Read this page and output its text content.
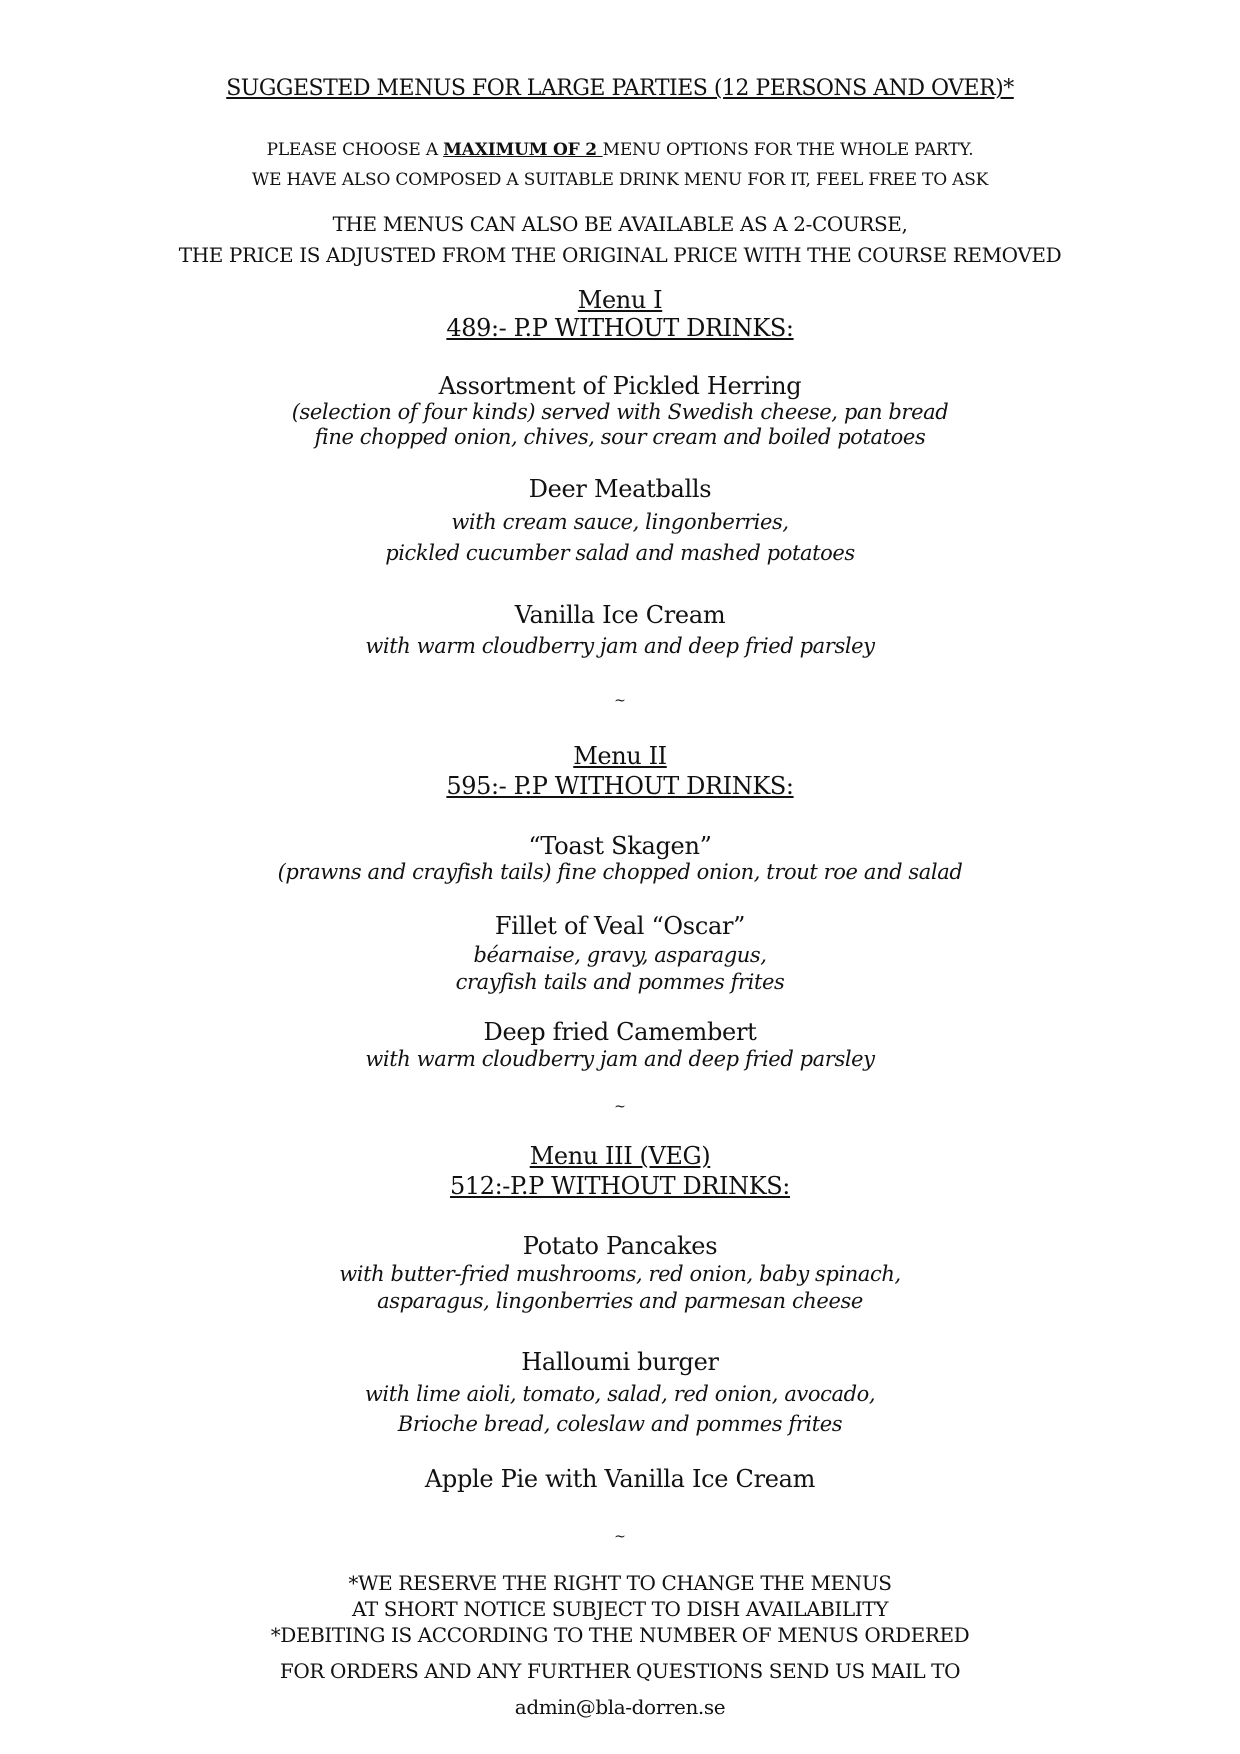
SUGGESTED MENUS FOR LARGE PARTIES (12 PERSONS AND OVER)*
PLEASE CHOOSE A MAXIMUM OF 2 MENU OPTIONS FOR THE WHOLE PARTY.
WE HAVE ALSO COMPOSED A SUITABLE DRINK MENU FOR IT, FEEL FREE TO ASK
THE MENUS CAN ALSO BE AVAILABLE AS A 2-COURSE,
THE PRICE IS ADJUSTED FROM THE ORIGINAL PRICE WITH THE COURSE REMOVED
Menu I
489:- P.P WITHOUT DRINKS:
Assortment of Pickled Herring
(selection of four kinds) served with Swedish cheese, pan bread
fine chopped onion, chives, sour cream and boiled potatoes
Deer Meatballs
with cream sauce, lingonberries,
pickled cucumber salad and mashed potatoes
Vanilla Ice Cream
with warm cloudberry jam and deep fried parsley
~
Menu II
595:- P.P WITHOUT DRINKS:
“Toast Skagen”
(prawns and crayfish tails) fine chopped onion, trout roe and salad
Fillet of Veal “Oscar”
béarnaise, gravy, asparagus,
crayfish tails and pommes frites
Deep fried Camembert
with warm cloudberry jam and deep fried parsley
~
Menu III (VEG)
512:-P.P WITHOUT DRINKS:
Potato Pancakes
with butter-fried mushrooms, red onion, baby spinach,
asparagus, lingonberries and parmesan cheese
Halloumi burger
with lime aioli, tomato, salad, red onion, avocado,
Brioche bread, coleslaw and pommes frites
Apple Pie with Vanilla Ice Cream
~
*WE RESERVE THE RIGHT TO CHANGE THE MENUS
AT SHORT NOTICE SUBJECT TO DISH AVAILABILITY
*DEBITING IS ACCORDING TO THE NUMBER OF MENUS ORDERED
FOR ORDERS AND ANY FURTHER QUESTIONS SEND US MAIL TO
admin@bla-dorren.se
